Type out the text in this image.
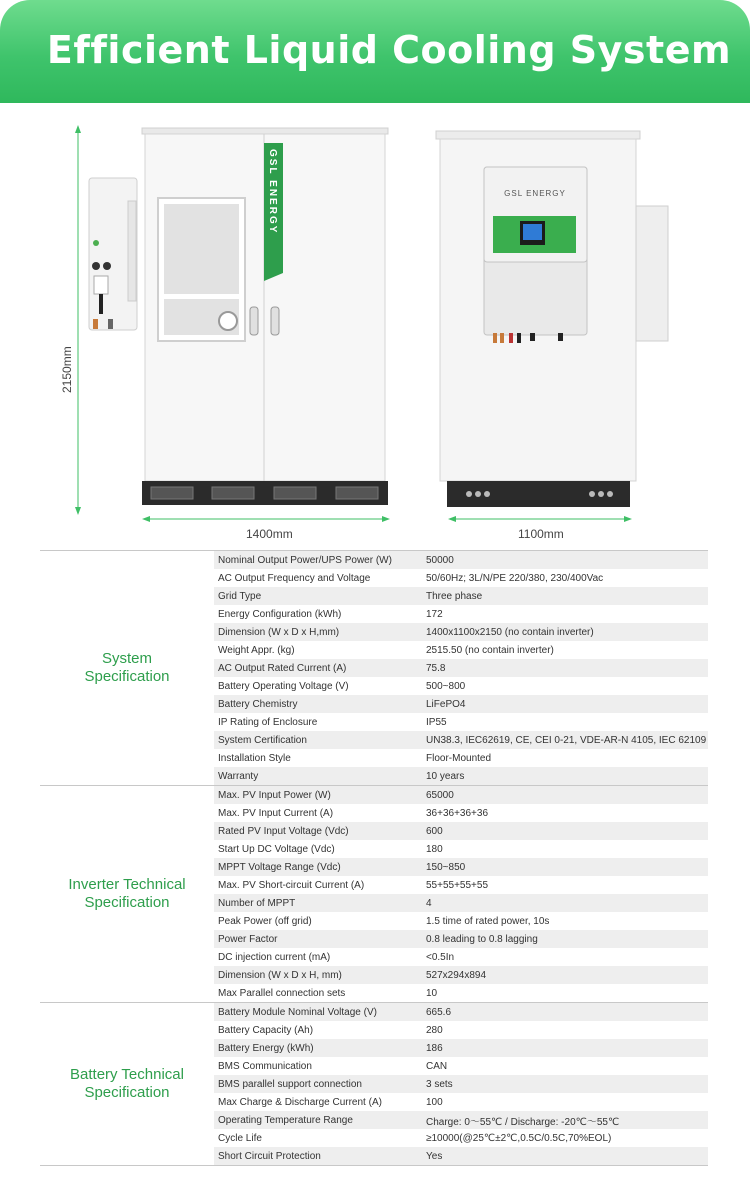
Efficient Liquid Cooling System
GSL ENERGY	GSL ENERGY
2150mm
1400mm	1100mm
System
Specification
Nominal Output Power/UPS Power (W)	50000
AC Output Frequency and Voltage	50/60Hz; 3L/N/PE 220/380, 230/400Vac
Grid Type	Three phase
Energy Configuration (kWh)	172
Dimension (W x D x H,mm)	1400x1100x2150 (no contain inverter)
Weight Appr. (kg)	2515.50 (no contain inverter)
AC Output Rated Current (A)	75.8
Battery Operating Voltage (V)	500~800
Battery Chemistry	LiFePO4
IP Rating of Enclosure	IP55
System Certification	UN38.3, IEC62619, CE, CEI 0-21, VDE-AR-N 4105, IEC 62109
Installation Style	Floor-Mounted
Warranty	10 years
Inverter Technical
Specification
Max. PV Input Power (W)	65000
Max. PV Input Current (A)	36+36+36+36
Rated PV Input Voltage (Vdc)	600
Start Up DC Voltage (Vdc)	180
MPPT Voltage Range (Vdc)	150~850
Max. PV Short-circuit Current (A)	55+55+55+55
Number of MPPT	4
Peak Power (off grid)	1.5 time of rated power, 10s
Power Factor	0.8 leading to 0.8 lagging
DC injection current (mA)	<0.5In
Dimension (W x D x H, mm)	527x294x894
Max Parallel connection sets	10
Battery Technical
Specification
Battery Module Nominal Voltage (V)	665.6
Battery Capacity (Ah)	280
Battery Energy (kWh)	186
BMS Communication	CAN
BMS parallel support connection	3 sets
Max Charge & Discharge Current (A)	100
Operating Temperature Range	Charge: 0～55℃ / Discharge: -20℃～55℃
Cycle Life	≥10000(@25℃±2℃,0.5C/0.5C,70%EOL)
Short Circuit Protection	Yes
